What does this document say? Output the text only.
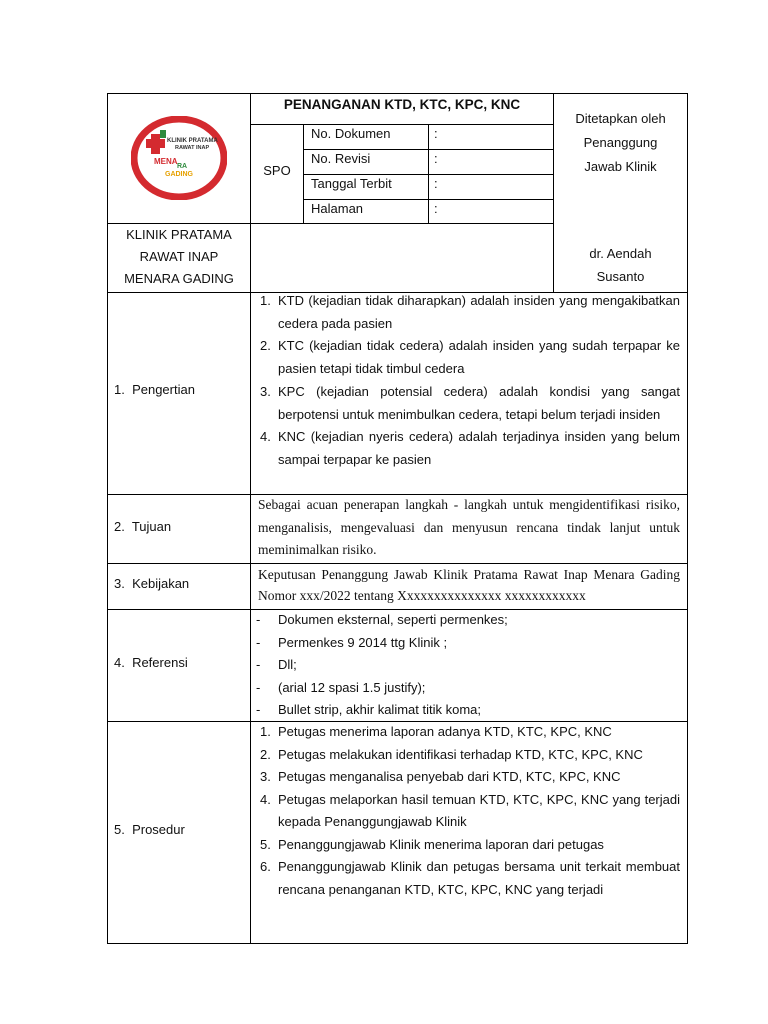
KLINIK PRATAMA
RAWAT INAP
MENA
RA
GADING
KLINIK PRATAMA
RAWAT INAP
MENARA GADING
PENANGANAN KTD, KTC, KPC, KNC
SPO
No. Dokumen	:
No. Revisi	:
Tanggal Terbit	:
Halaman	:
Ditetapkan oleh
Penanggung
Jawab Klinik
dr. Aendah
Susanto
1.  Pengertian
1. KTD (kejadian tidak diharapkan) adalah insiden yang mengakibatkan cedera pada pasien
2. KTC (kejadian tidak cedera) adalah insiden yang sudah terpapar ke pasien tetapi tidak timbul cedera
3. KPC (kejadian potensial cedera) adalah kondisi yang sangat berpotensi untuk menimbulkan cedera, tetapi belum terjadi insiden
4. KNC (kejadian nyeris cedera) adalah terjadinya insiden yang belum sampai terpapar ke pasien
2.  Tujuan
Sebagai acuan penerapan langkah - langkah untuk mengidentifikasi risiko, menganalisis, mengevaluasi dan menyusun rencana tindak lanjut untuk meminimalkan risiko.
3.  Kebijakan
Keputusan Penanggung Jawab Klinik Pratama Rawat Inap Menara Gading Nomor xxx/2022 tentang Xxxxxxxxxxxxxxx xxxxxxxxxxxx
4.  Referensi
- Dokumen eksternal, seperti permenkes;
- Permenkes 9 2014 ttg Klinik ;
- Dll;
- (arial 12 spasi 1.5 justify);
- Bullet strip, akhir kalimat titik koma;
5.  Prosedur
1. Petugas menerima laporan adanya KTD, KTC, KPC, KNC
2. Petugas melakukan identifikasi terhadap KTD, KTC, KPC, KNC
3. Petugas menganalisa penyebab dari KTD, KTC, KPC, KNC
4. Petugas melaporkan hasil temuan KTD, KTC, KPC, KNC yang terjadi kepada Penanggungjawab Klinik
5. Penanggungjawab Klinik menerima laporan dari petugas
6. Penanggungjawab Klinik dan petugas bersama unit terkait membuat rencana penanganan KTD, KTC, KPC, KNC yang terjadi
